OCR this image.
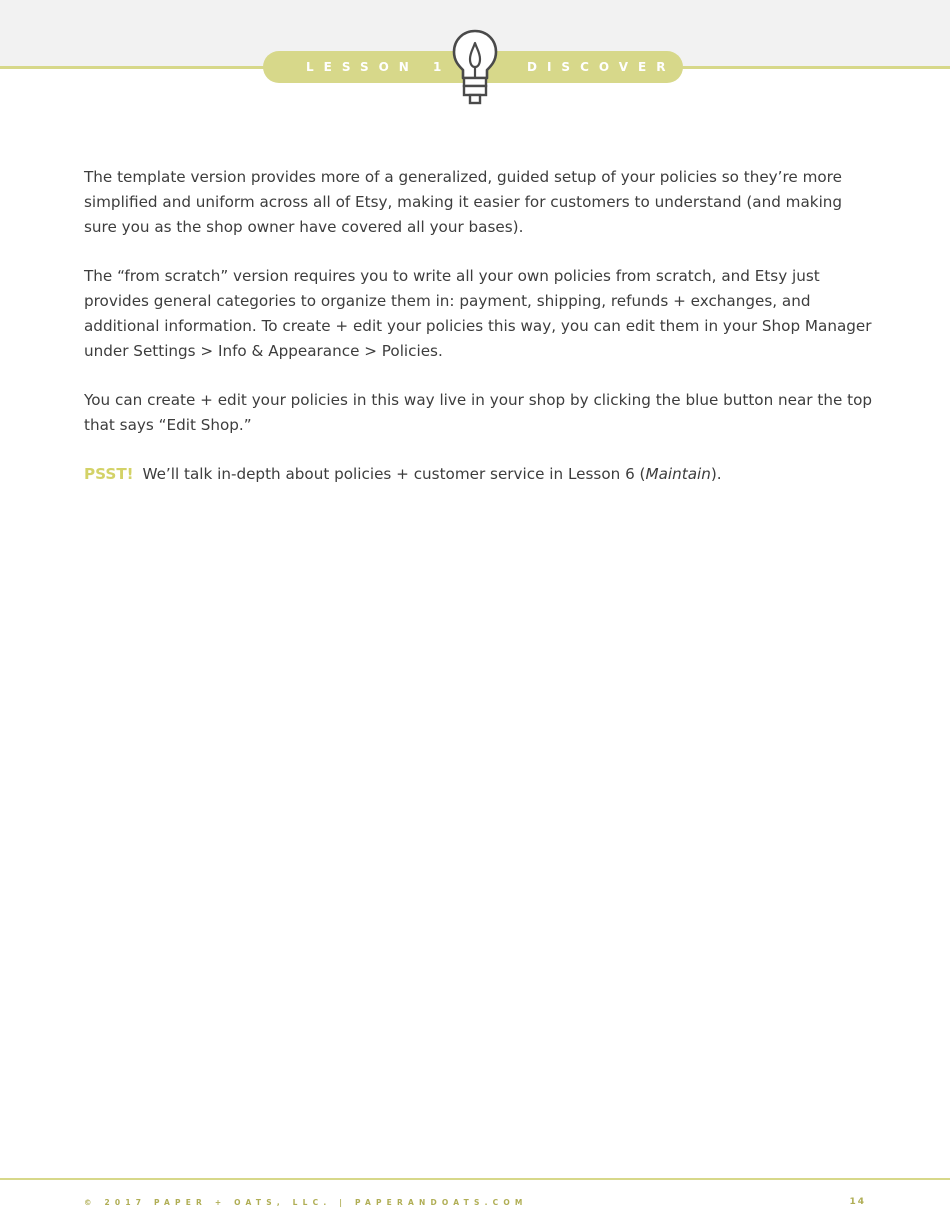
LESSON 1	DISCOVER

The template version provides more of a generalized, guided setup of your policies so they’re more simplified and uniform across all of Etsy, making it easier for customers to understand (and making sure you as the shop owner have covered all your bases).

The “from scratch” version requires you to write all your own policies from scratch, and Etsy just provides general categories to organize them in: payment, shipping, refunds + exchanges, and additional information. To create + edit your policies this way, you can edit them in your Shop Manager under Settings > Info & Appearance > Policies.

You can create + edit your policies in this way live in your shop by clicking the blue button near the top that says “Edit Shop.”

PSST! We’ll talk in-depth about policies + customer service in Lesson 6 (Maintain).

© 2017 PAPER + OATS, LLC. | PAPERANDOATS.COM	14
